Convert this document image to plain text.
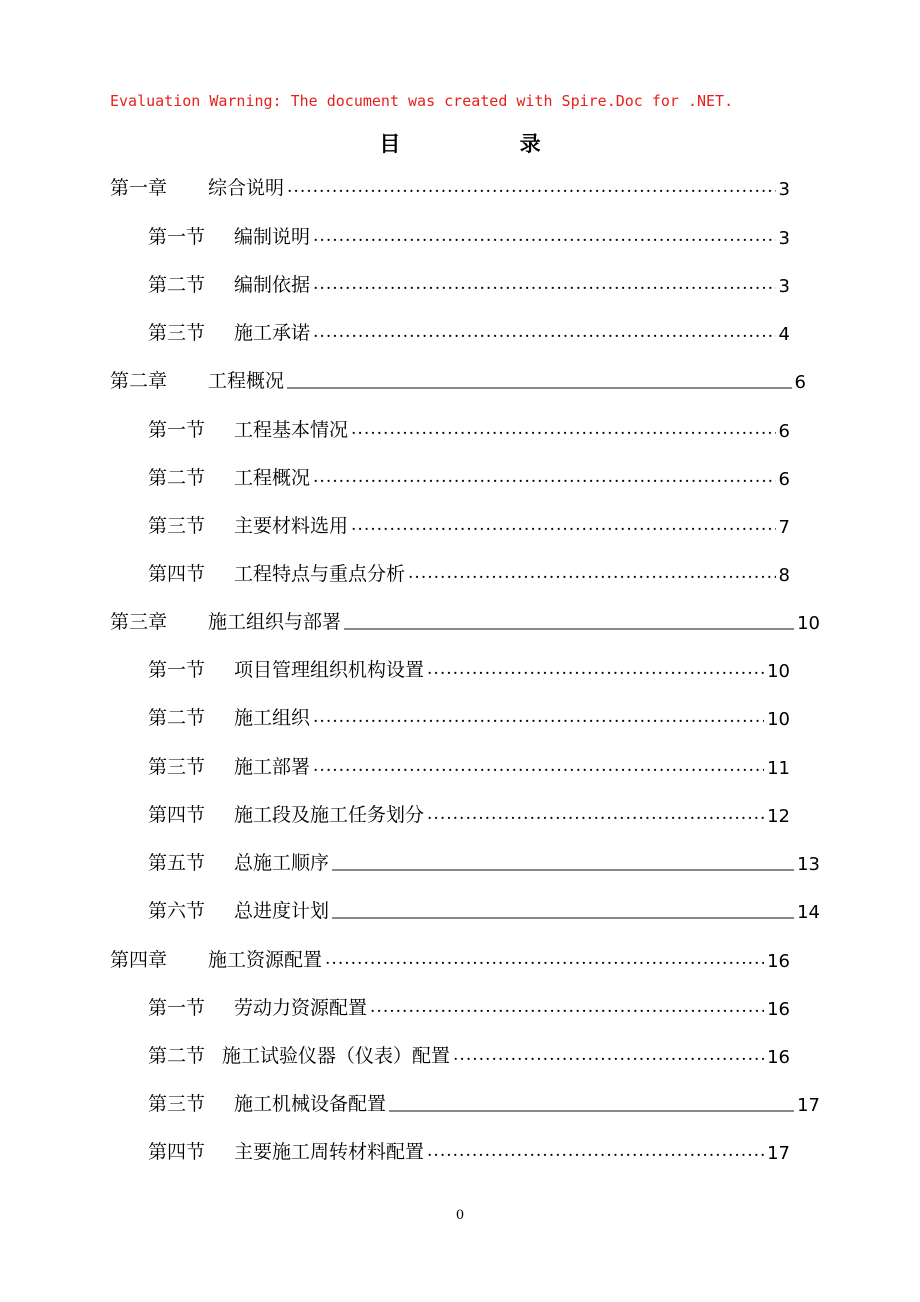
Evaluation Warning: The document was created with Spire.Doc for .NET.
目 录
第一章	综合说明 .....	3
第一节	编制说明 .....	3
第二节	编制依据 .....	3
第三节	施工承诺 .....	4
第二章	工程概况	6
第一节	工程基本情况 .....	6
第二节	工程概况 .....	6
第三节	主要材料选用 .....	7
第四节	工程特点与重点分析 .....	8
第三章	施工组织与部署	10
第一节	项目管理组织机构设置 .....	10
第二节	施工组织 .....	10
第三节	施工部署 .....	11
第四节	施工段及施工任务划分 .....	12
第五节	总施工顺序	13
第六节	总进度计划	14
第四章	施工资源配置 .....	16
第一节	劳动力资源配置 .....	16
第二节 施工试验仪器（仪表）配置 .....	16
第三节	施工机械设备配置	17
第四节	主要施工周转材料配置 .....	17
0
